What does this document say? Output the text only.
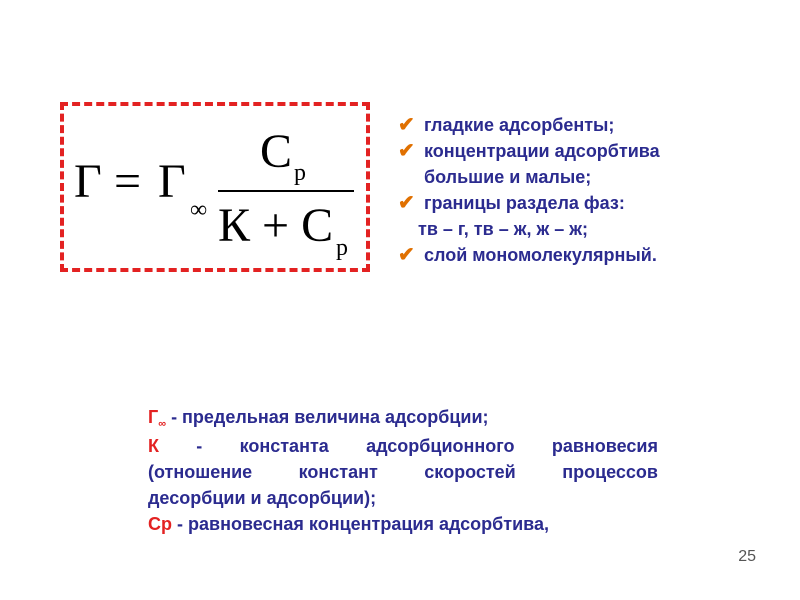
Г = Г
∞
C p
К + C p
✔ гладкие адсорбенты;
✔ концентрации адсорбтива
большие и малые;
✔ границы раздела фаз:
тв – г, тв – ж, ж – ж;
✔ слой мономолекулярный.
$Г_\infty$ - предельная величина адсорбции;
К - константа адсорбционного равновесия
(отношение	констант	скоростей	процессов
десорбции и адсорбции);
Ср - равновесная концентрация адсорбтива,
25
